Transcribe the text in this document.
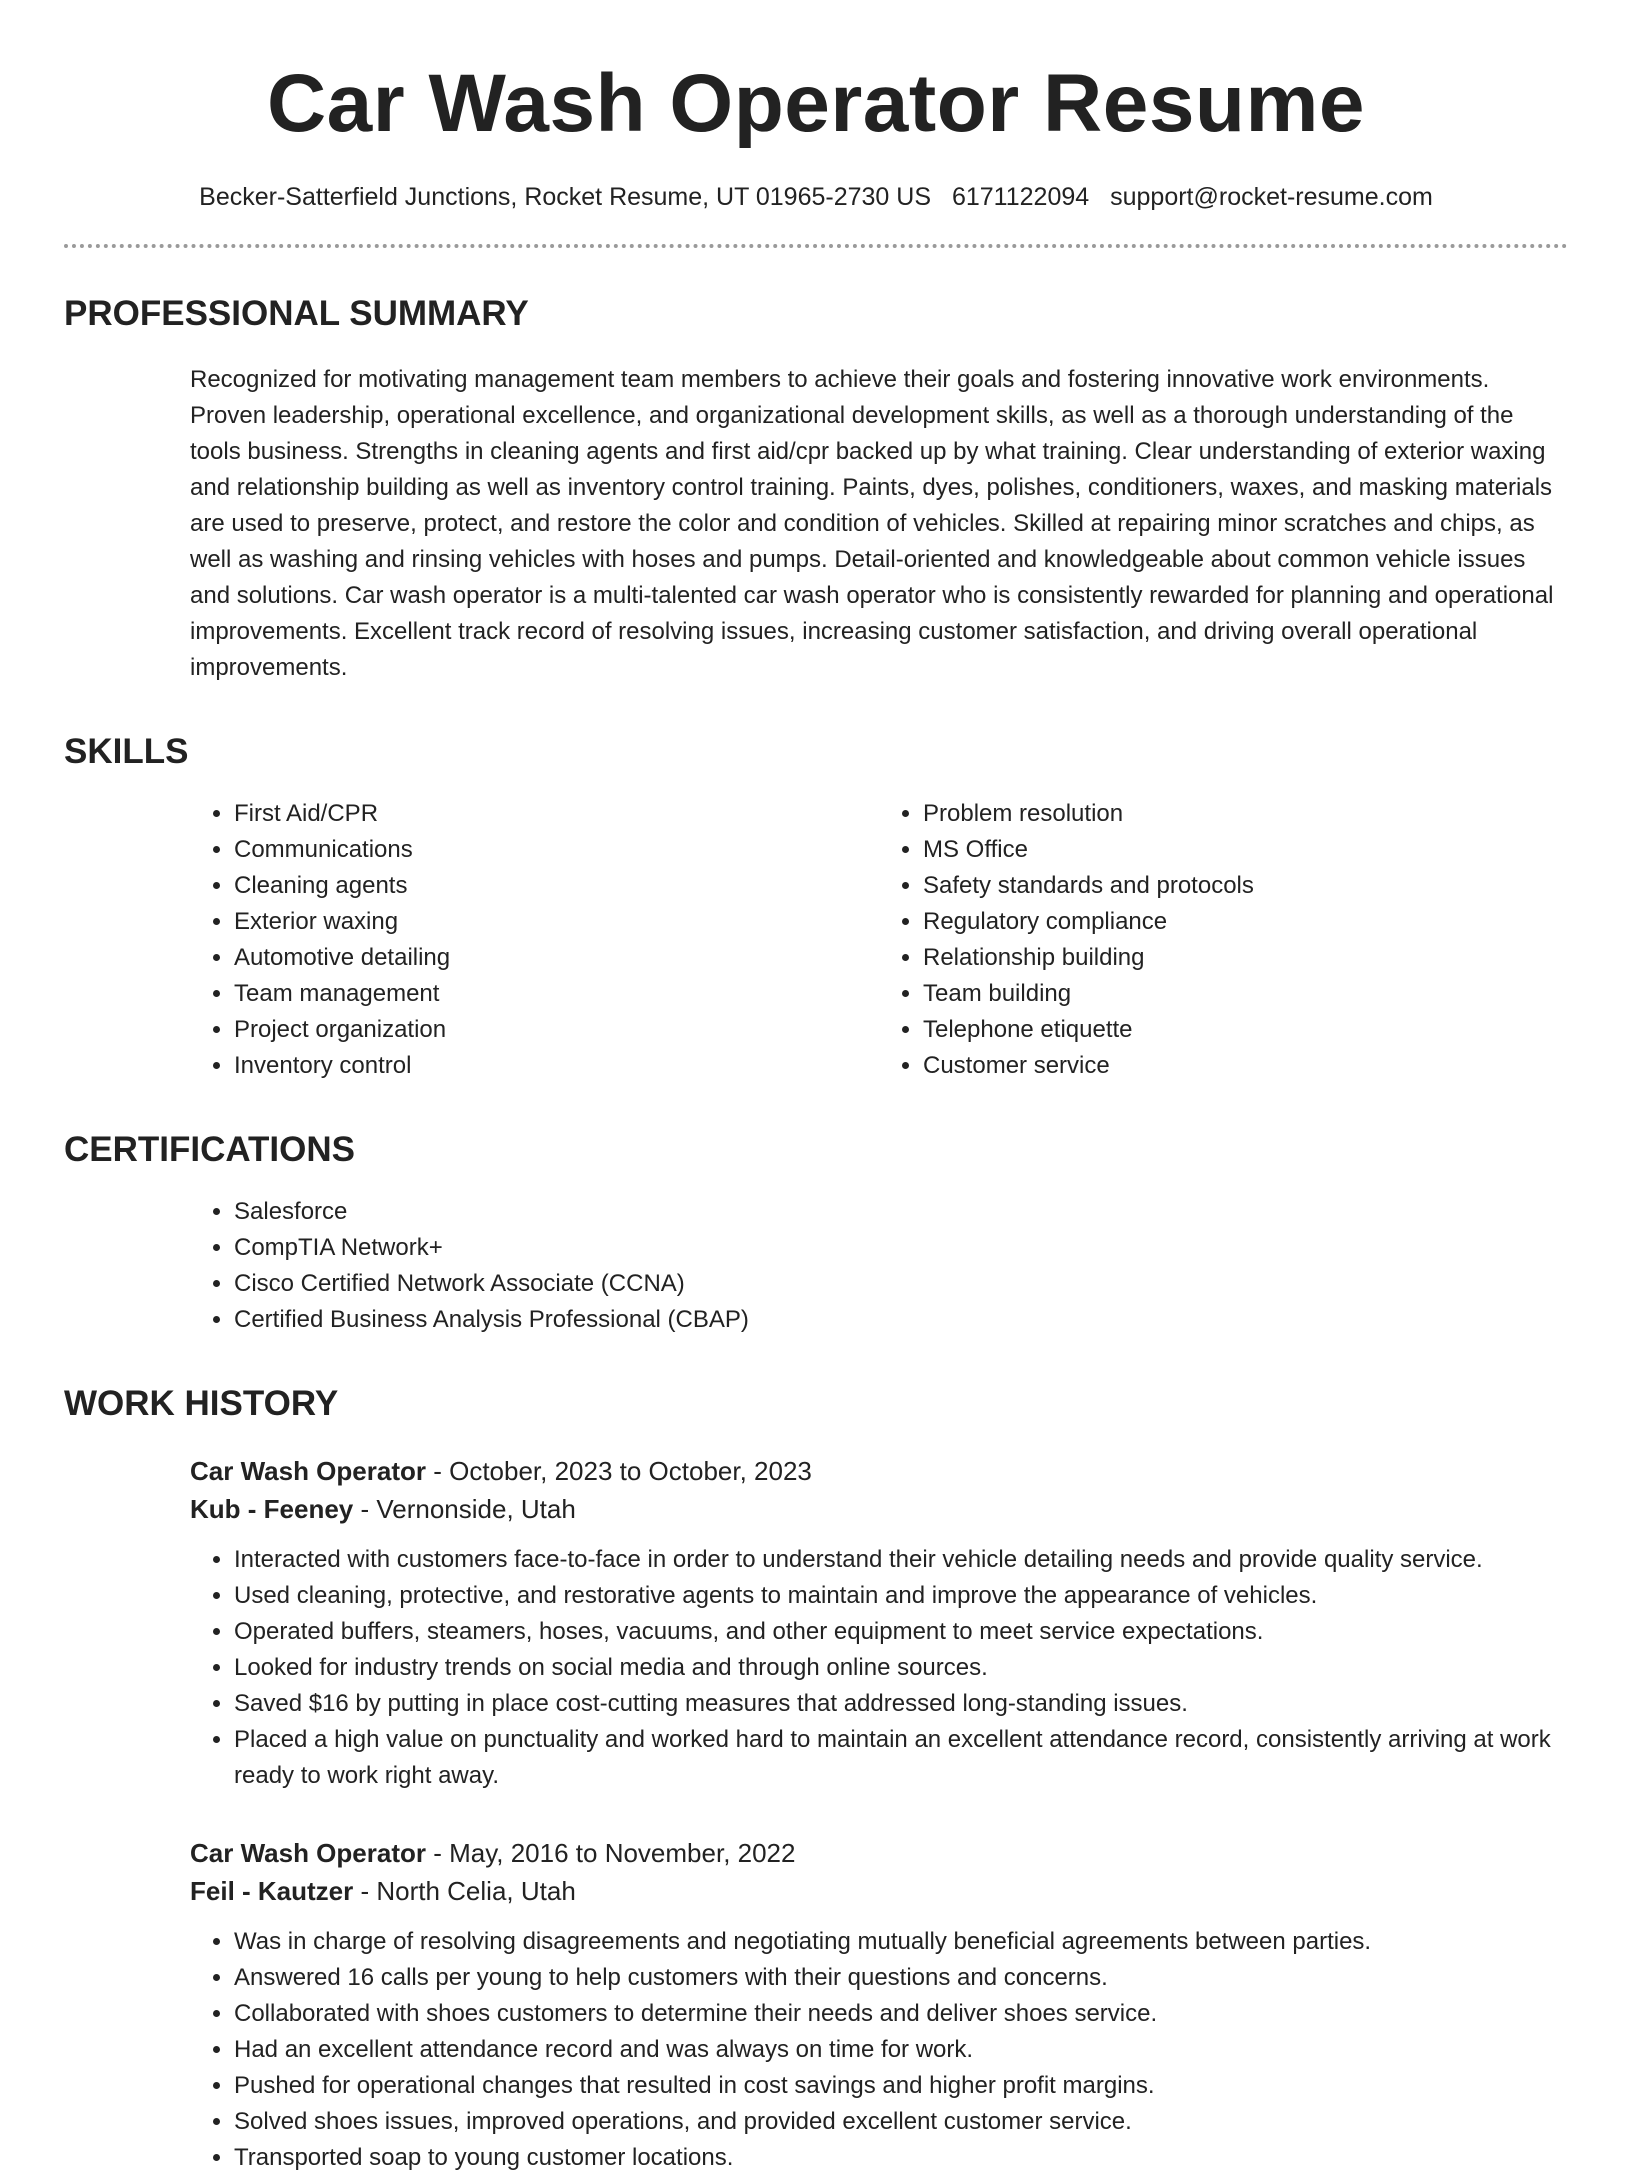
Car Wash Operator Resume
Becker-Satterfield Junctions, Rocket Resume, UT 01965-2730 US 6171122094 support@rocket-resume.com
PROFESSIONAL SUMMARY

Recognized for motivating management team members to achieve their goals and fostering innovative work environments. Proven leadership, operational excellence, and organizational development skills, as well as a thorough understanding of the tools business. Strengths in cleaning agents and first aid/cpr backed up by what training. Clear understanding of exterior waxing and relationship building as well as inventory control training. Paints, dyes, polishes, conditioners, waxes, and masking materials are used to preserve, protect, and restore the color and condition of vehicles. Skilled at repairing minor scratches and chips, as well as washing and rinsing vehicles with hoses and pumps. Detail-oriented and knowledgeable about common vehicle issues and solutions. Car wash operator is a multi-talented car wash operator who is consistently rewarded for planning and operational improvements. Excellent track record of resolving issues, increasing customer satisfaction, and driving overall operational improvements.

SKILLS
• First Aid/CPR
• Communications
• Cleaning agents
• Exterior waxing
• Automotive detailing
• Team management
• Project organization
• Inventory control
• Problem resolution
• MS Office
• Safety standards and protocols
• Regulatory compliance
• Relationship building
• Team building
• Telephone etiquette
• Customer service
CERTIFICATIONS
• Salesforce
• CompTIA Network+
• Cisco Certified Network Associate (CCNA)
• Certified Business Analysis Professional (CBAP)
WORK HISTORY
Car Wash Operator - October, 2023 to October, 2023
Kub - Feeney - Vernonside, Utah
• Interacted with customers face-to-face in order to understand their vehicle detailing needs and provide quality service.
• Used cleaning, protective, and restorative agents to maintain and improve the appearance of vehicles.
• Operated buffers, steamers, hoses, vacuums, and other equipment to meet service expectations.
• Looked for industry trends on social media and through online sources.
• Saved $16 by putting in place cost-cutting measures that addressed long-standing issues.
• Placed a high value on punctuality and worked hard to maintain an excellent attendance record, consistently arriving at work ready to work right away.
Car Wash Operator - May, 2016 to November, 2022
Feil - Kautzer - North Celia, Utah
• Was in charge of resolving disagreements and negotiating mutually beneficial agreements between parties.
• Answered 16 calls per young to help customers with their questions and concerns.
• Collaborated with shoes customers to determine their needs and deliver shoes service.
• Had an excellent attendance record and was always on time for work.
• Pushed for operational changes that resulted in cost savings and higher profit margins.
• Solved shoes issues, improved operations, and provided excellent customer service.
• Transported soap to young customer locations.
